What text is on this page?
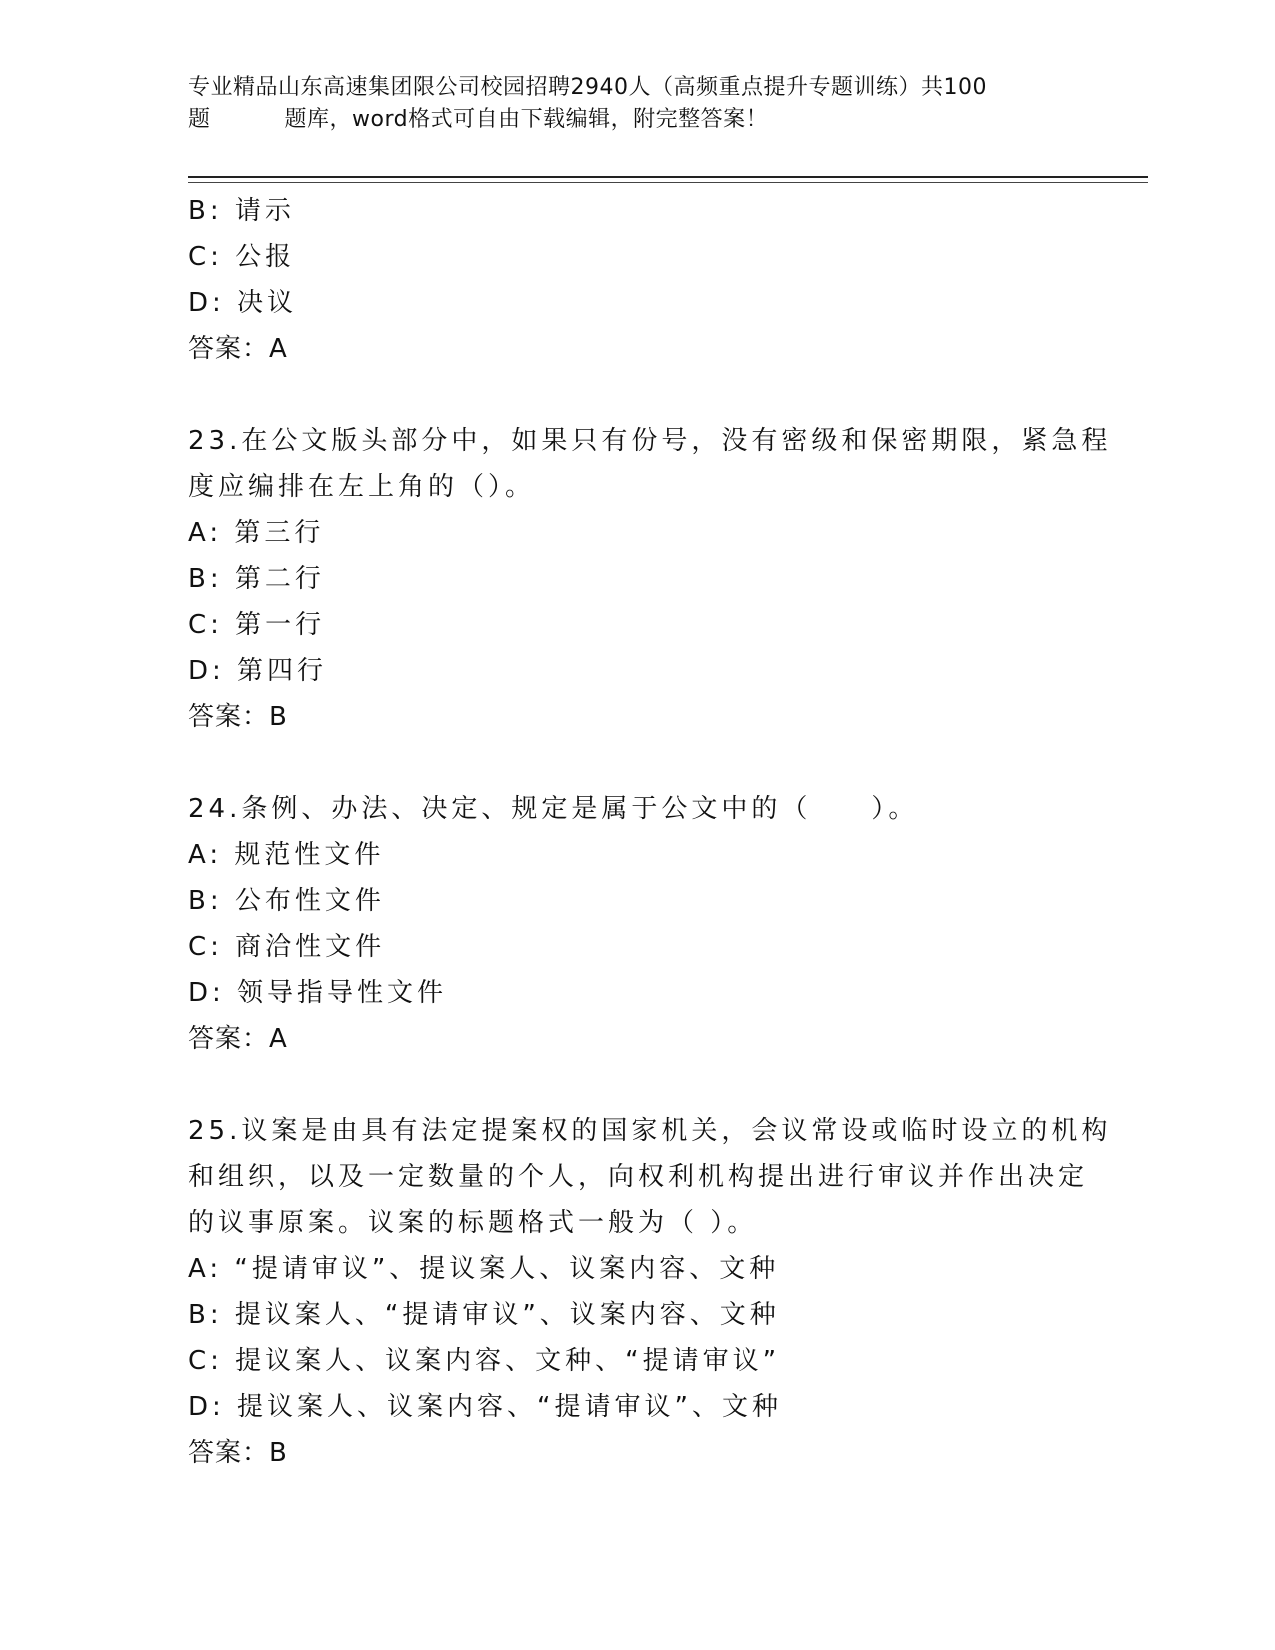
专业精品山东高速集团限公司校园招聘2940人（高频重点提升专题训练）共100
题	题库，word格式可自由下载编辑，附完整答案！
B: 请示
C: 公报
D: 决议
答案：A
23.在公文版头部分中，如果只有份号，没有密级和保密期限，紧急程
度应编排在左上角的（）。
A: 第三行
B: 第二行
C: 第一行
D: 第四行
答案：B
24.条例、办法、决定、规定是属于公文中的（　　）。
A: 规范性文件
B: 公布性文件
C: 商洽性文件
D: 领导指导性文件
答案：A
25.议案是由具有法定提案权的国家机关，会议常设或临时设立的机构
和组织，以及一定数量的个人，向权利机构提出进行审议并作出决定
的议事原案。议案的标题格式一般为（ ）。
A: “提请审议”、提议案人、议案内容、文种
B: 提议案人、“提请审议”、议案内容、文种
C: 提议案人、议案内容、文种、“提请审议”
D: 提议案人、议案内容、“提请审议”、文种
答案：B
